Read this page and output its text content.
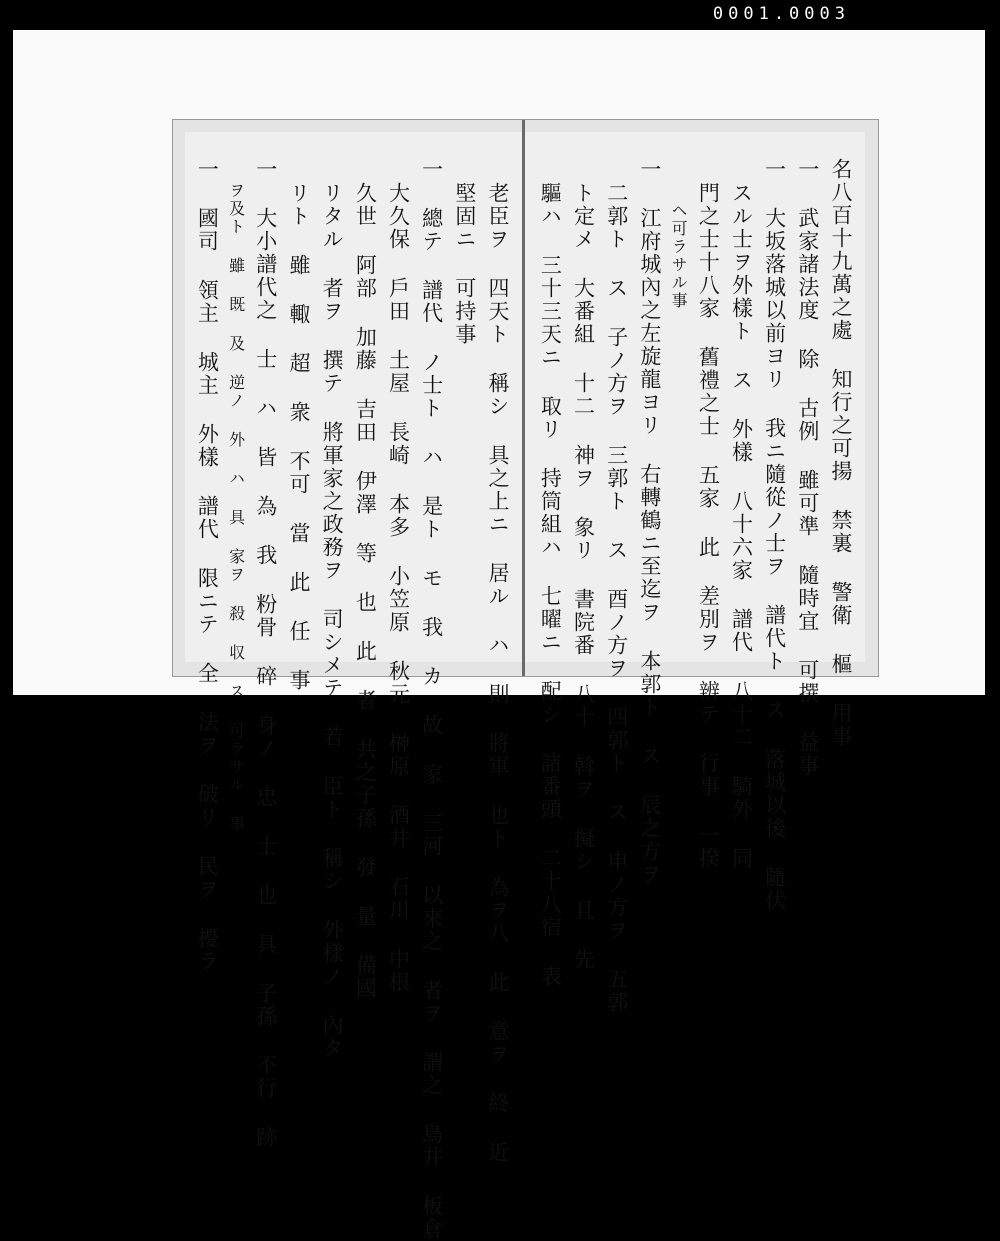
0001.0003

名八百十九萬之處 知行之可揚 禁裏 警衛 樞 用事

一 武家諸法度 除 古例 雖可準 隨時宜 可撰 益事

一 大坂落城以前ヨリ 我ニ隨從ノ士ヲ 譜代ト ス 落城以後 隨伏

スル士ヲ外樣ト ス 外樣 八十六家 譜代 八十二 騎外 同

門之士十八家 舊禮之士 五家 此 差別ヲ 辨テ 行事 一揆

ヘ可ラサル事

一 江府城內之左旋龍ヨリ 右轉鶴ニ至迄ヲ 本郭ト ス 辰之方ヲ

二郭ト ス 子ノ方ヲ 三郭ト ス 酉ノ方ヲ 四郭ト ス 申ノ方ヲ 五郭

ト定メ 大番組 十二 神ヲ 象リ 書院番 八十 斡ヲ 擬シ 且 先

驅ハ 三十三天ニ 取リ 持筒組ハ 七曜ニ 配シ 諸番頭 二十八宿 表

老臣ヲ 四天ト 稱シ 具之上ニ 居ル ハ 則 將軍 也ト 為ヲ八 此 意ヲ 終 近

堅固ニ 可持事

一 總テ 譜代 ノ士ト ハ 是ト モ 我 カ 故 家 三河 以來之 者ヲ 謂之 鳥井 板倉

大久保 戶田 土屋 長崎 本多 小笠原 秋元 榊原 酒井 石川 中根

久世 阿部 加藤 吉田 伊澤 等 也 此 者 共之子孫 發 量 備國

リタル 者ヲ 撰テ 將軍家之政務ヲ 司シメテ 若 臣ト 稱シ 外樣ノ 內タ

リト 雖 輙 超 衆 不可 當 此 任 事

一 大小譜代之 士 ハ 皆 為 我 粉骨 碎 身ノ 忠 士 也 具 子孫 不行 跡

ヲ及ト 雖 既 及 逆ノ 外 ハ 具 家ヲ 殺 収 ス 可ラサル 事

一 國司 領主 城主 外樣 譜代 限ニテ 全 法ヲ 破リ 民ヲ 擾ラ
